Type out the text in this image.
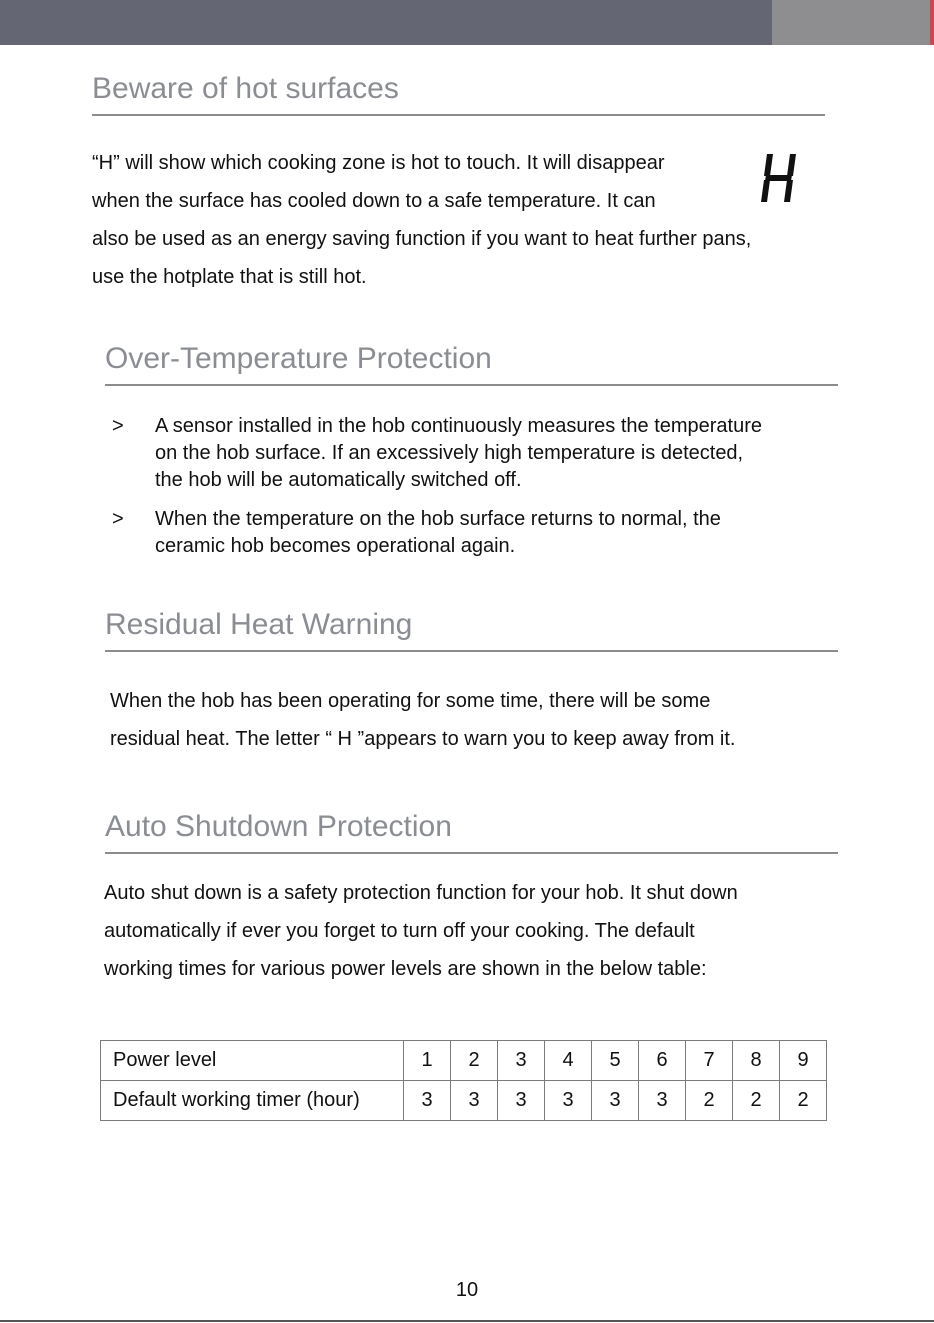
Beware of hot surfaces
“H” will show which cooking zone is hot to touch. It will disappear
when the surface has cooled down to a safe temperature. It can
also be used as an energy saving function if you want to heat further pans,
use the hotplate that is still hot.
Over-Temperature Protection
> A sensor installed in the hob continuously measures the temperature
on the hob surface. If an excessively high temperature is detected,
the hob will be automatically switched off.
> When the temperature on the hob surface returns to normal, the
ceramic hob becomes operational again.
Residual Heat Warning
When the hob has been operating for some time, there will be some
residual heat. The letter “ H ”appears to warn you to keep away from it.
Auto Shutdown Protection
Auto shut down is a safety protection function for your hob. It shut down
automatically if ever you forget to turn off your cooking. The default
working times for various power levels are shown in the below table:
Power level	1	2	3	4	5	6	7	8	9
Default working timer (hour)	3	3	3	3	3	3	2	2	2
10
